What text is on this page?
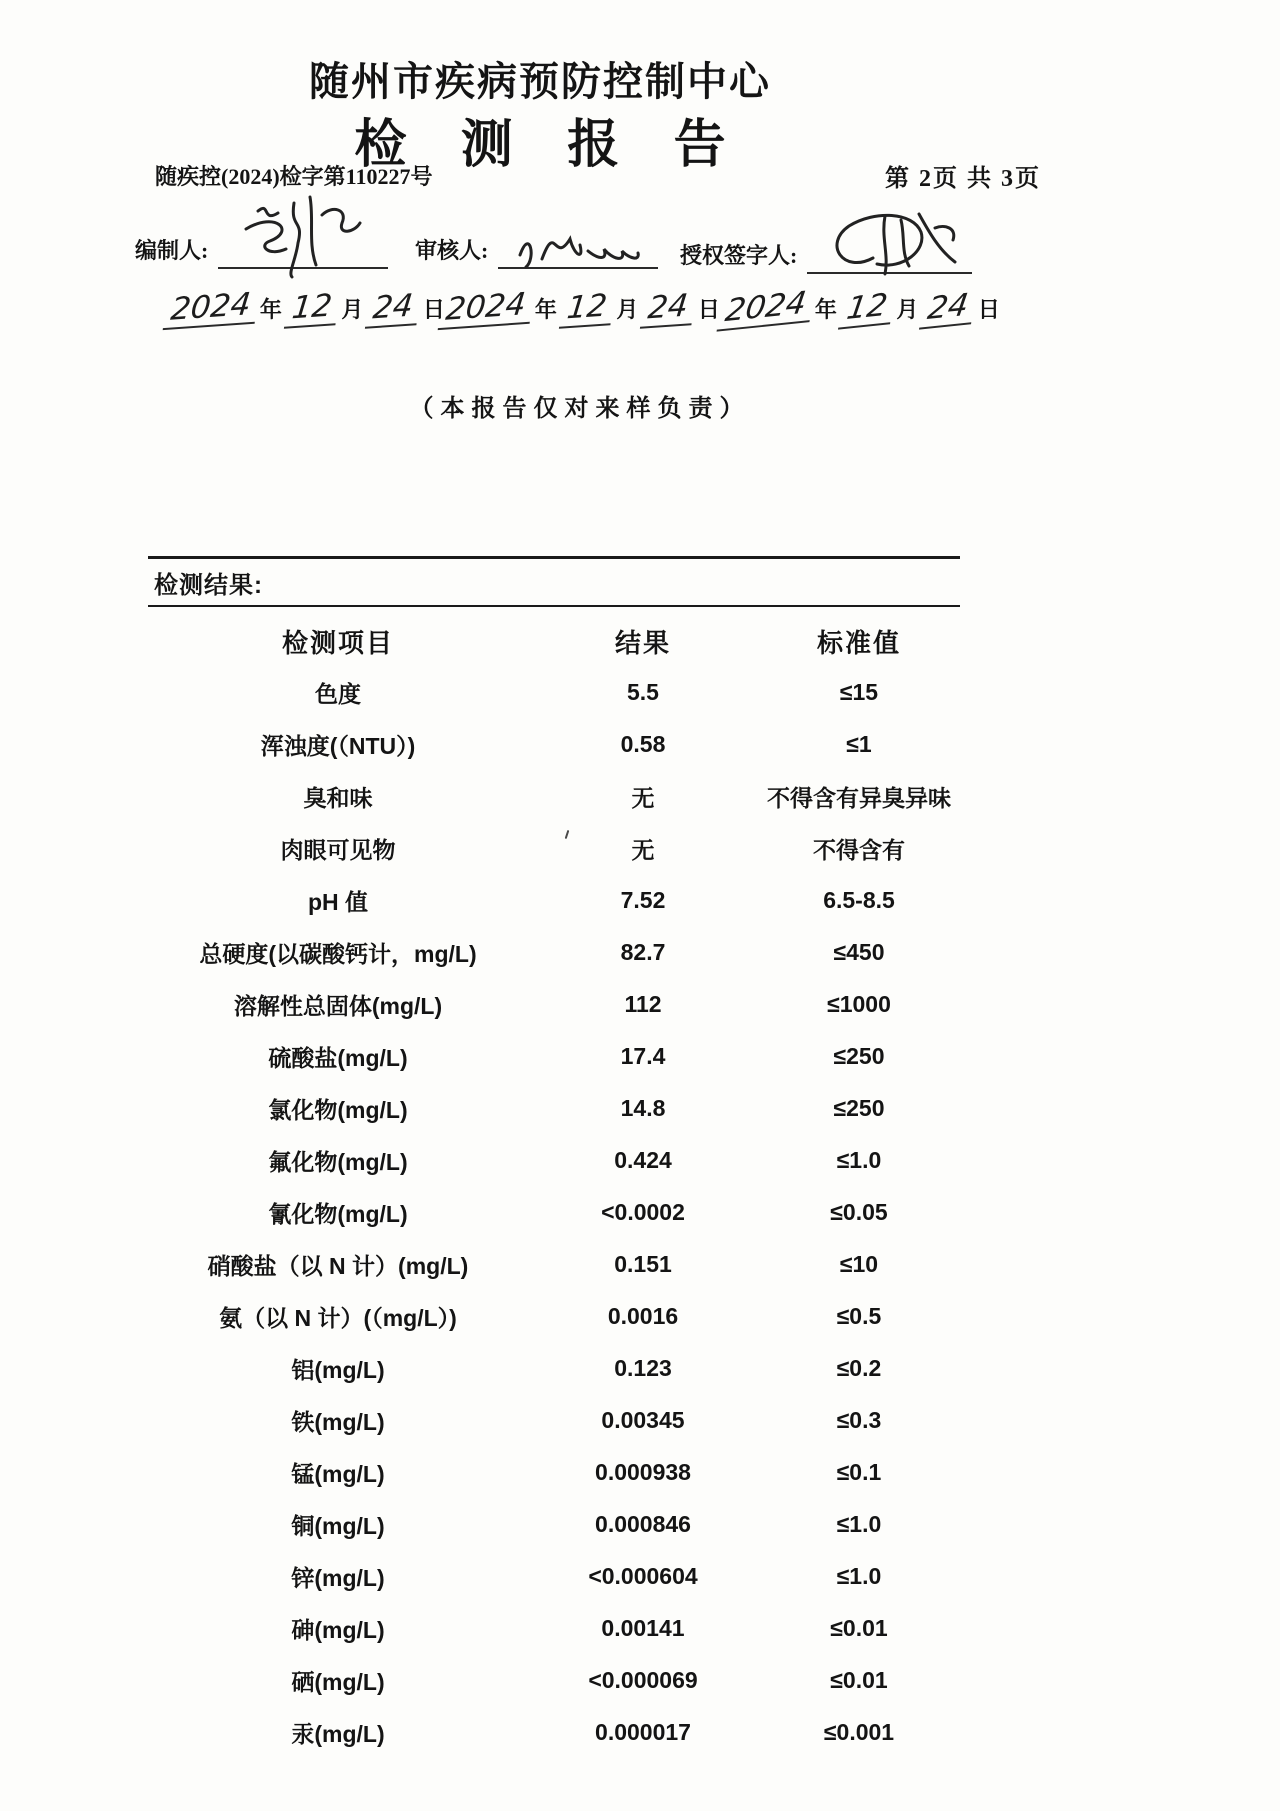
随州市疾病预防控制中心
检 测 报 告
随疾控(2024)检字第110227号	第 2页 共 3页
编制人:	审核人:	授权签字人:
2024 年 12 月 24 日 2024 年 12 月 24 日 2024 年 12 月 24 日
（本报告仅对来样负责）
检测结果:
检测项目	结果	标准值
色度	5.5	≤15
浑浊度(（NTU）)	0.58	≤1
臭和味	无	不得含有异臭异味
肉眼可见物	无	不得含有
pH 值	7.52	6.5-8.5
总硬度(以碳酸钙计，mg/L)	82.7	≤450
溶解性总固体(mg/L)	112	≤1000
硫酸盐(mg/L)	17.4	≤250
氯化物(mg/L)	14.8	≤250
氟化物(mg/L)	0.424	≤1.0
氰化物(mg/L)	<0.0002	≤0.05
硝酸盐（以 N 计）(mg/L)	0.151	≤10
氨（以 N 计）(（mg/L）)	0.0016	≤0.5
铝(mg/L)	0.123	≤0.2
铁(mg/L)	0.00345	≤0.3
锰(mg/L)	0.000938	≤0.1
铜(mg/L)	0.000846	≤1.0
锌(mg/L)	<0.000604	≤1.0
砷(mg/L)	0.00141	≤0.01
硒(mg/L)	<0.000069	≤0.01
汞(mg/L)	0.000017	≤0.001
